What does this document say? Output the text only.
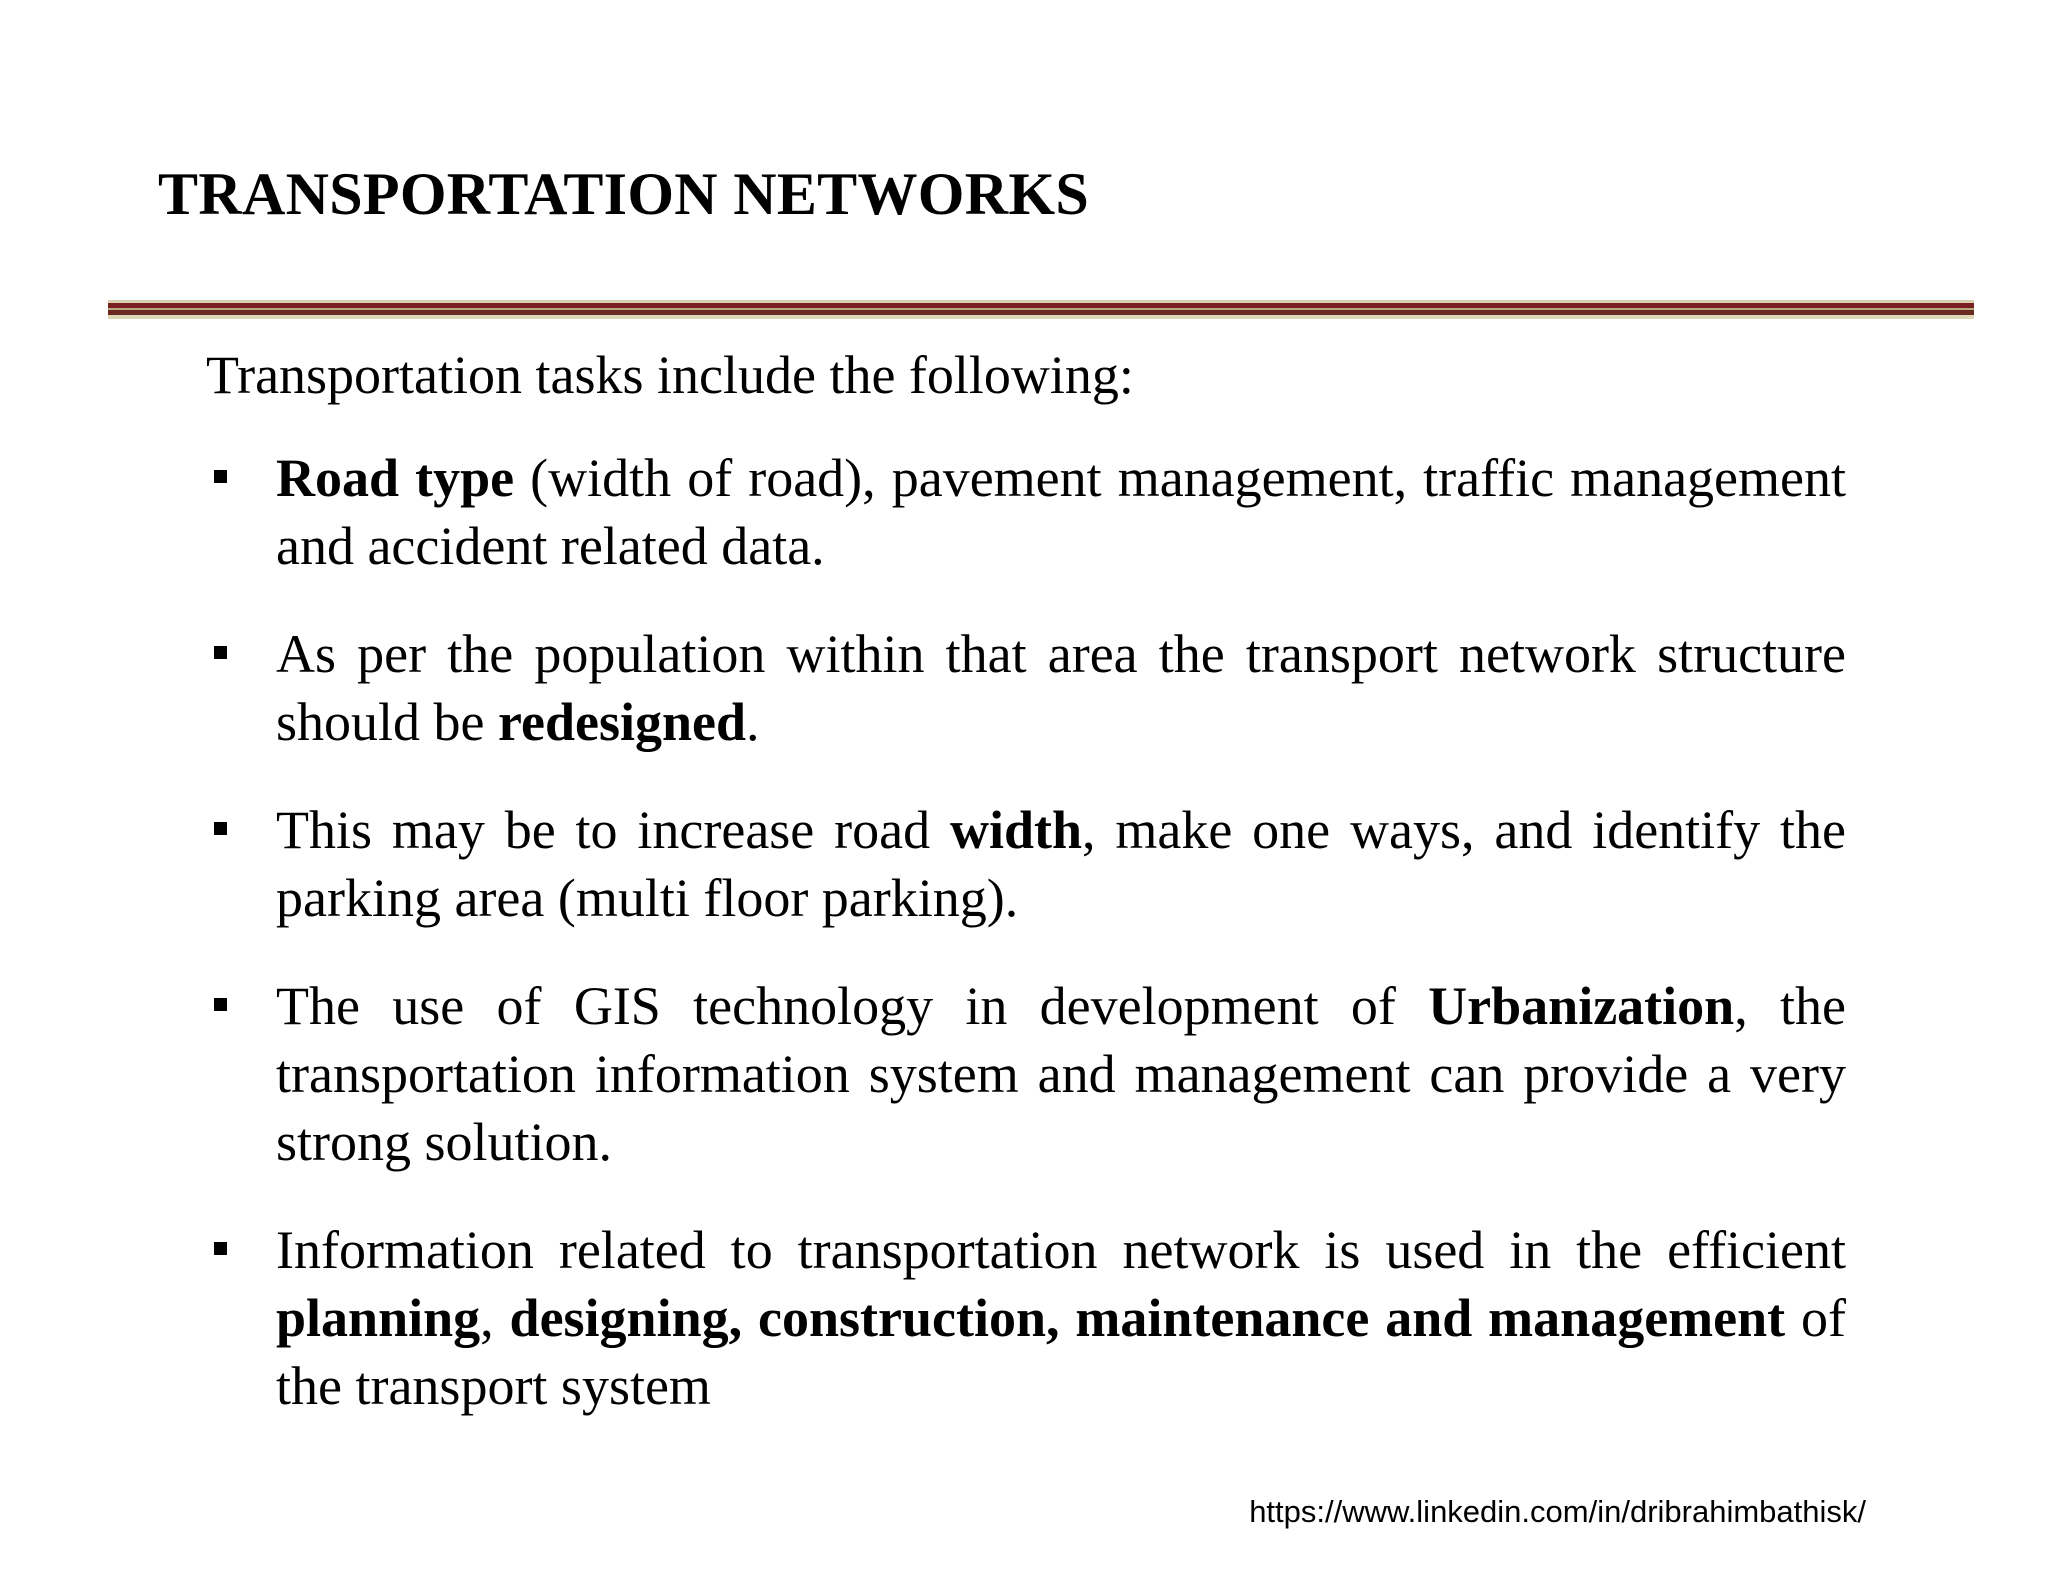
TRANSPORTATION NETWORKS
Transportation tasks include the following:
Road type (width of road), pavement management, traffic management and accident related data.
As per the population within that area the transport network structure should be redesigned.
This may be to increase road width, make one ways, and identify the parking area (multi floor parking).
The use of GIS technology in development of Urbanization, the transportation information system and management can provide a very strong solution.
Information related to transportation network is used in the efficient planning, designing, construction, maintenance and management of the transport system
https://www.linkedin.com/in/dribrahimbathisk/
